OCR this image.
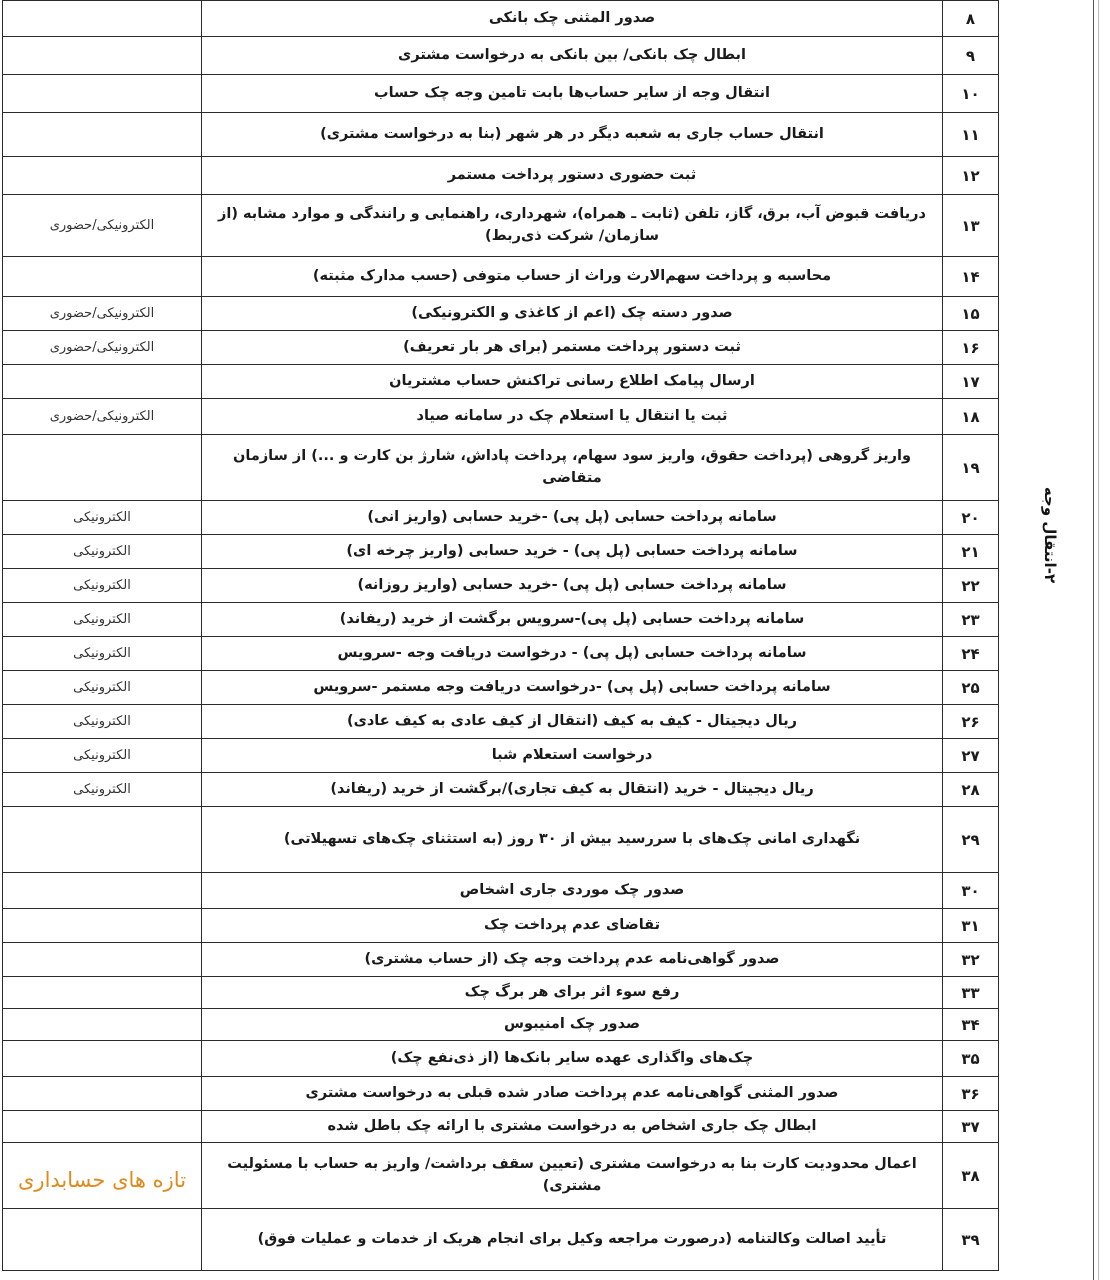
۸	صدور المثنی چک بانکی	
۹	ابطال چک بانکی/ بین بانکی به درخواست مشتری	
۱۰	انتقال وجه از سایر حساب‌ها بابت تامین وجه چک حساب	
۱۱	انتقال حساب جاری به شعبه دیگر در هر شهر (بنا به درخواست مشتری)	
۱۲	ثبت حضوری دستور پرداخت مستمر	
۱۳	دریافت قبوض آب، برق، گاز، تلفن (ثابت ـ همراه)، شهرداری، راهنمایی و رانندگی و موارد مشابه (از سازمان/ شرکت ذی‌ربط)	الکترونیکی/حضوری
۱۴	محاسبه و پرداخت سهم‌الارث وراث از حساب متوفی (حسب مدارک مثبته)	
۱۵	صدور دسته چک (اعم از کاغذی و الکترونیکی)	الکترونیکی/حضوری
۱۶	ثبت دستور پرداخت مستمر (برای هر بار تعریف)	الکترونیکی/حضوری
۱۷	ارسال پیامک اطلاع رسانی تراکنش حساب مشتریان	
۱۸	ثبت یا انتقال یا استعلام چک در سامانه صیاد	الکترونیکی/حضوری
۱۹	واریز گروهی (پرداخت حقوق، واریز سود سهام، پرداخت پاداش، شارژ بن کارت و ...) از سازمان متقاضی	
۲۰	سامانه پرداخت حسابی (پل پی) -خرید حسابی (واریز انی)	الکترونیکی
۲۱	سامانه پرداخت حسابی (پل پی) - خرید حسابی (واریز چرخه ای)	الکترونیکی
۲۲	سامانه پرداخت حسابی (پل پی) -خرید حسابی (واریز روزانه)	الکترونیکی
۲۳	سامانه پرداخت حسابی (پل پی)-سرویس برگشت از خرید (ریفاند)	الکترونیکی
۲۴	سامانه پرداخت حسابی (پل پی) - درخواست دریافت وجه -سرویس	الکترونیکی
۲۵	سامانه پرداخت حسابی (پل پی) -درخواست دریافت وجه مستمر -سرویس	الکترونیکی
۲۶	ریال دیجیتال - کیف به کیف (انتقال از کیف عادی به کیف عادی)	الکترونیکی
۲۷	درخواست استعلام شبا	الکترونیکی
۲۸	ریال دیجیتال - خرید (انتقال به کیف تجاری)/برگشت از خرید (ریفاند)	الکترونیکی
۲۹	نگهداری امانی چک‌های با سررسید بیش از ۳۰ روز (به استثنای چک‌های تسهیلاتی)	
۳۰	صدور چک موردی جاری اشخاص	
۳۱	تقاضای عدم پرداخت چک	
۳۲	صدور گواهی‌نامه عدم پرداخت وجه چک (از حساب مشتری)	
۳۳	رفع سوء اثر برای هر برگ چک	
۳۴	صدور چک امنیبوس	
۳۵	چک‌های واگذاری عهده سایر بانک‌ها (از ذی‌نفع چک)	
۳۶	صدور المثنی گواهی‌نامه عدم پرداخت صادر شده قبلی به درخواست مشتری	
۳۷	ابطال چک جاری اشخاص به درخواست مشتری با ارائه چک باطل شده	
۳۸	اعمال محدودیت کارت بنا به درخواست مشتری (تعیین سقف برداشت/ واریز به حساب با مسئولیت مشتری)	
۳۹	تأیید اصالت وکالتنامه (درصورت مراجعه وکیل برای انجام هریک از خدمات و عملیات فوق)	
۲-انتقال وجه
تازه های حسابداری
